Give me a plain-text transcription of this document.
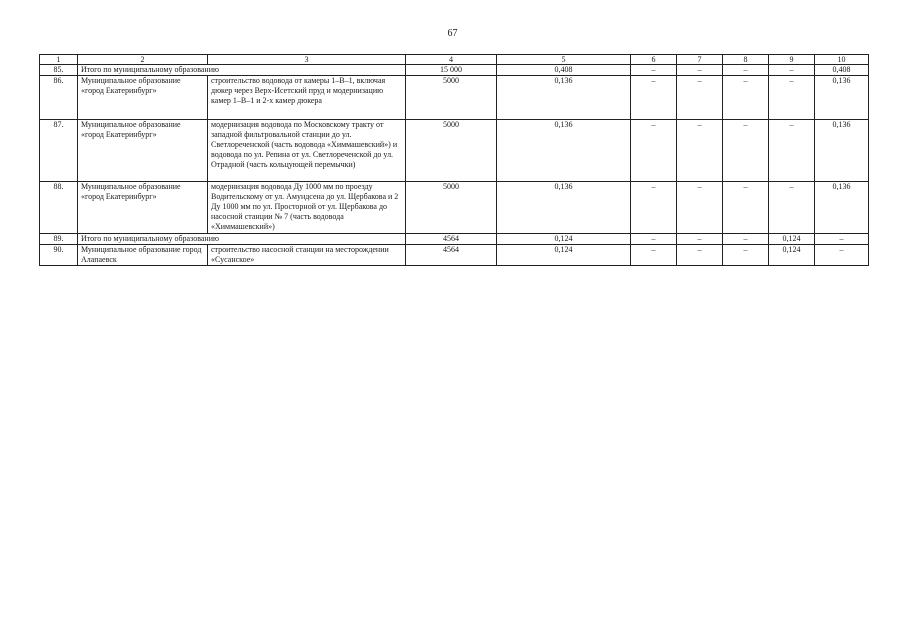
67
1	2	3	4	5	6	7	8	9	10
85.	Итого по муниципальному образованию		15 000	0,408	–	–	–	–	0,408
86.	Муниципальное образование «город Екатеринбург»	строительство водовода от камеры 1–В–1, включая дюкер через Верх-Исетский пруд и модернизацию камер 1–В–1 и 2-х камер дюкера	5000	0,136	–	–	–	–	0,136
87.	Муниципальное образование «город Екатеринбург»	модернизация водовода по Московскому тракту от западной фильтровальной станции до ул. Светлореченской (часть водовода «Химмашевский») и водовода по ул. Репина от ул. Светлореченской до ул. Отрадной (часть кольцующей перемычки)	5000	0,136	–	–	–	–	0,136
88.	Муниципальное образование «город Екатеринбург»	модернизация водовода Ду 1000 мм по проезду Водительскому от ул. Амундсена до ул. Щербакова и 2 Ду 1000 мм по ул. Просторной от ул. Щербакова до насосной станции № 7 (часть водовода «Химмашевский»)	5000	0,136	–	–	–	–	0,136
89.	Итого по муниципальному образованию		4564	0,124	–	–	–	0,124	–
90.	Муниципальное образование город Алапаевск	строительство насосной станции на месторождении «Сусанское»	4564	0,124	–	–	–	0,124	–
